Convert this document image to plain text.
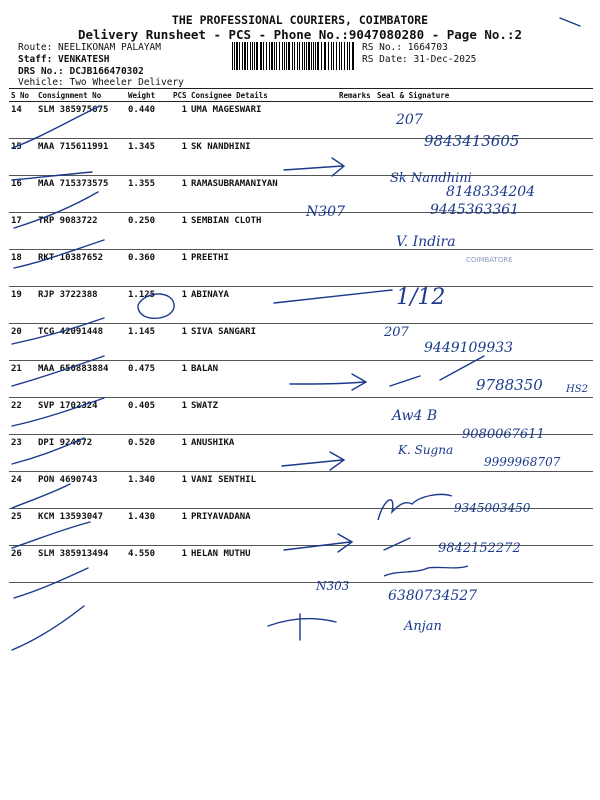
THE PROFESSIONAL COURIERS, COIMBATORE
Delivery Runsheet - PCS - Phone No.:9047080280 - Page No.:2
Route: NEELIKONAM PALAYAM
Staff: VENKATESH
DRS No.: DCJB166470302
Vehicle: Two Wheeler Delivery
RS No.: 1664703
RS Date: 31-Dec-2025
S No	Consignment No	Weight	PCS	Consignee Details	Remarks	Seal & Signature
14	SLM 385975675	0.440	1	UMA MAGESWARI		
15	MAA 715611991	1.345	1	SK NANDHINI		
16	MAA 715373575	1.355	1	RAMASUBRAMANIYAN		
17	TRP 9083722	0.250	1	SEMBIAN CLOTH		
18	RKT 10387652	0.360	1	PREETHI		
19	RJP 3722388	1.125	1	ABINAYA		
20	TCG 42091448	1.145	1	SIVA SANGARI		
21	MAA 650883884	0.475	1	BALAN		
22	SVP 1702324	0.405	1	SWATZ		
23	DPI 924072	0.520	1	ANUSHIKA		
24	PON 4690743	1.340	1	VANI SENTHIL		
25	KCM 13593047	1.430	1	PRIYAVADANA		
26	SLM 385913494	4.550	1	HELAN MUTHU		
207
9843413605
Sk Nandhini
8148334204
9445363361
N307
V. Indira
COIMBATORE
1/12
207
9449109933
9788350 HS2
Aw4 B
9080067611
K. Sugna
9999968707
9345003450
9842152272
N303
6380734527
Anjan
